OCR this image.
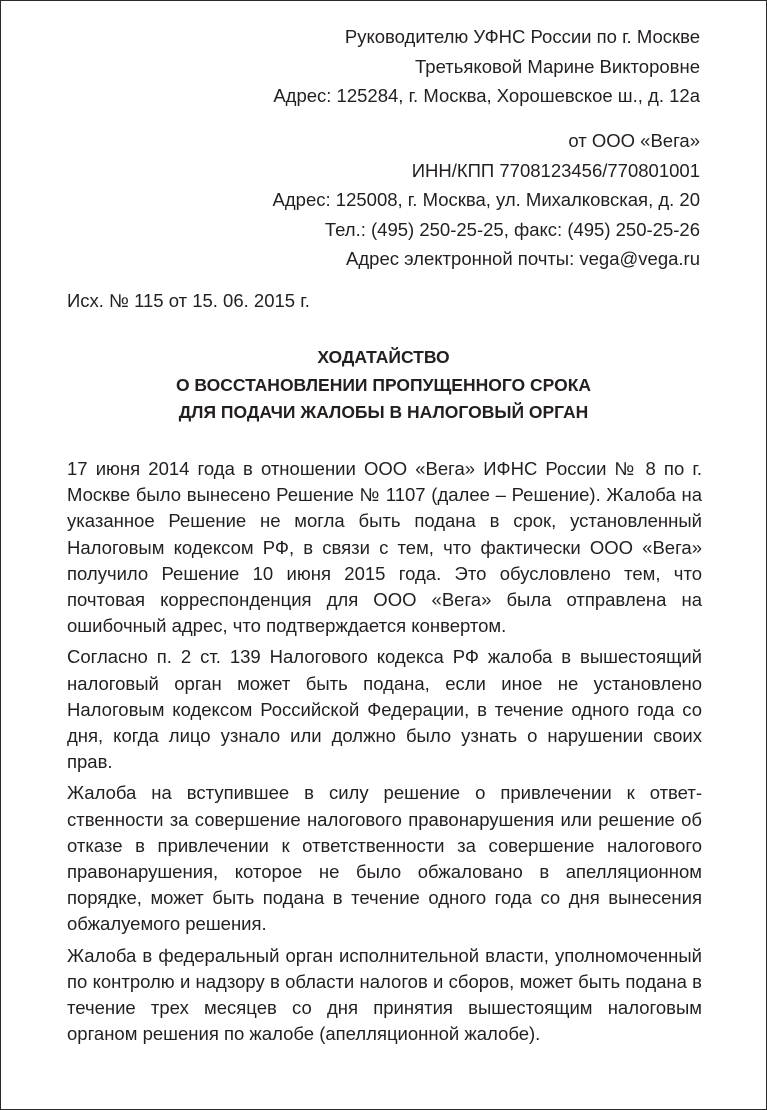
Руководителю УФНС России по г. Москве
Третьяковой Марине Викторовне
Адрес: 125284, г. Москва, Хорошевское ш., д. 12а
от ООО «Вега»
ИНН/КПП 7708123456/770801001
Адрес: 125008, г. Москва, ул. Михалковская, д. 20
Тел.: (495) 250-25-25, факс: (495) 250-25-26
Адрес электронной почты: vega@vega.ru
Исх. № 115 от 15. 06. 2015 г.
ХОДАТАЙСТВО
О ВОССТАНОВЛЕНИИ ПРОПУЩЕННОГО СРОКА
ДЛЯ ПОДАЧИ ЖАЛОБЫ В НАЛОГОВЫЙ ОРГАН

17 июня 2014 года в отношении ООО «Вега» ИФНС России № 8 по г. Москве было вынесено Решение № 1107 (далее – Решение). Жалоба на указанное Решение не могла быть подана в срок, установленный Налоговым кодексом РФ, в связи с тем, что фактически ООО «Вега» получило Решение 10 июня 2015 года. Это обусловлено тем, что почтовая корреспонденция для ООО «Вега» была отправлена на ошибочный адрес, что подтверждается конвертом.

Согласно п. 2 ст. 139 Налогового кодекса РФ жалоба в вышестоящий налоговый орган может быть подана, если иное не установлено Налоговым кодексом Российской Федерации, в течение одного года со дня, когда лицо узнало или должно было узнать о нарушении своих прав.

Жалоба на вступившее в силу решение о привлечении к ответственности за совершение налогового правонарушения или решение об отказе в привлечении к ответственности за совершение налогового правонарушения, которое не было обжаловано в апелляционном порядке, может быть подана в течение одного года со дня вынесения обжалуемого решения.

Жалоба в федеральный орган исполнительной власти, уполномоченный по контролю и надзору в области налогов и сборов, может быть подана в течение трех месяцев со дня принятия вышестоящим налоговым органом решения по жалобе (апелляционной жалобе).
